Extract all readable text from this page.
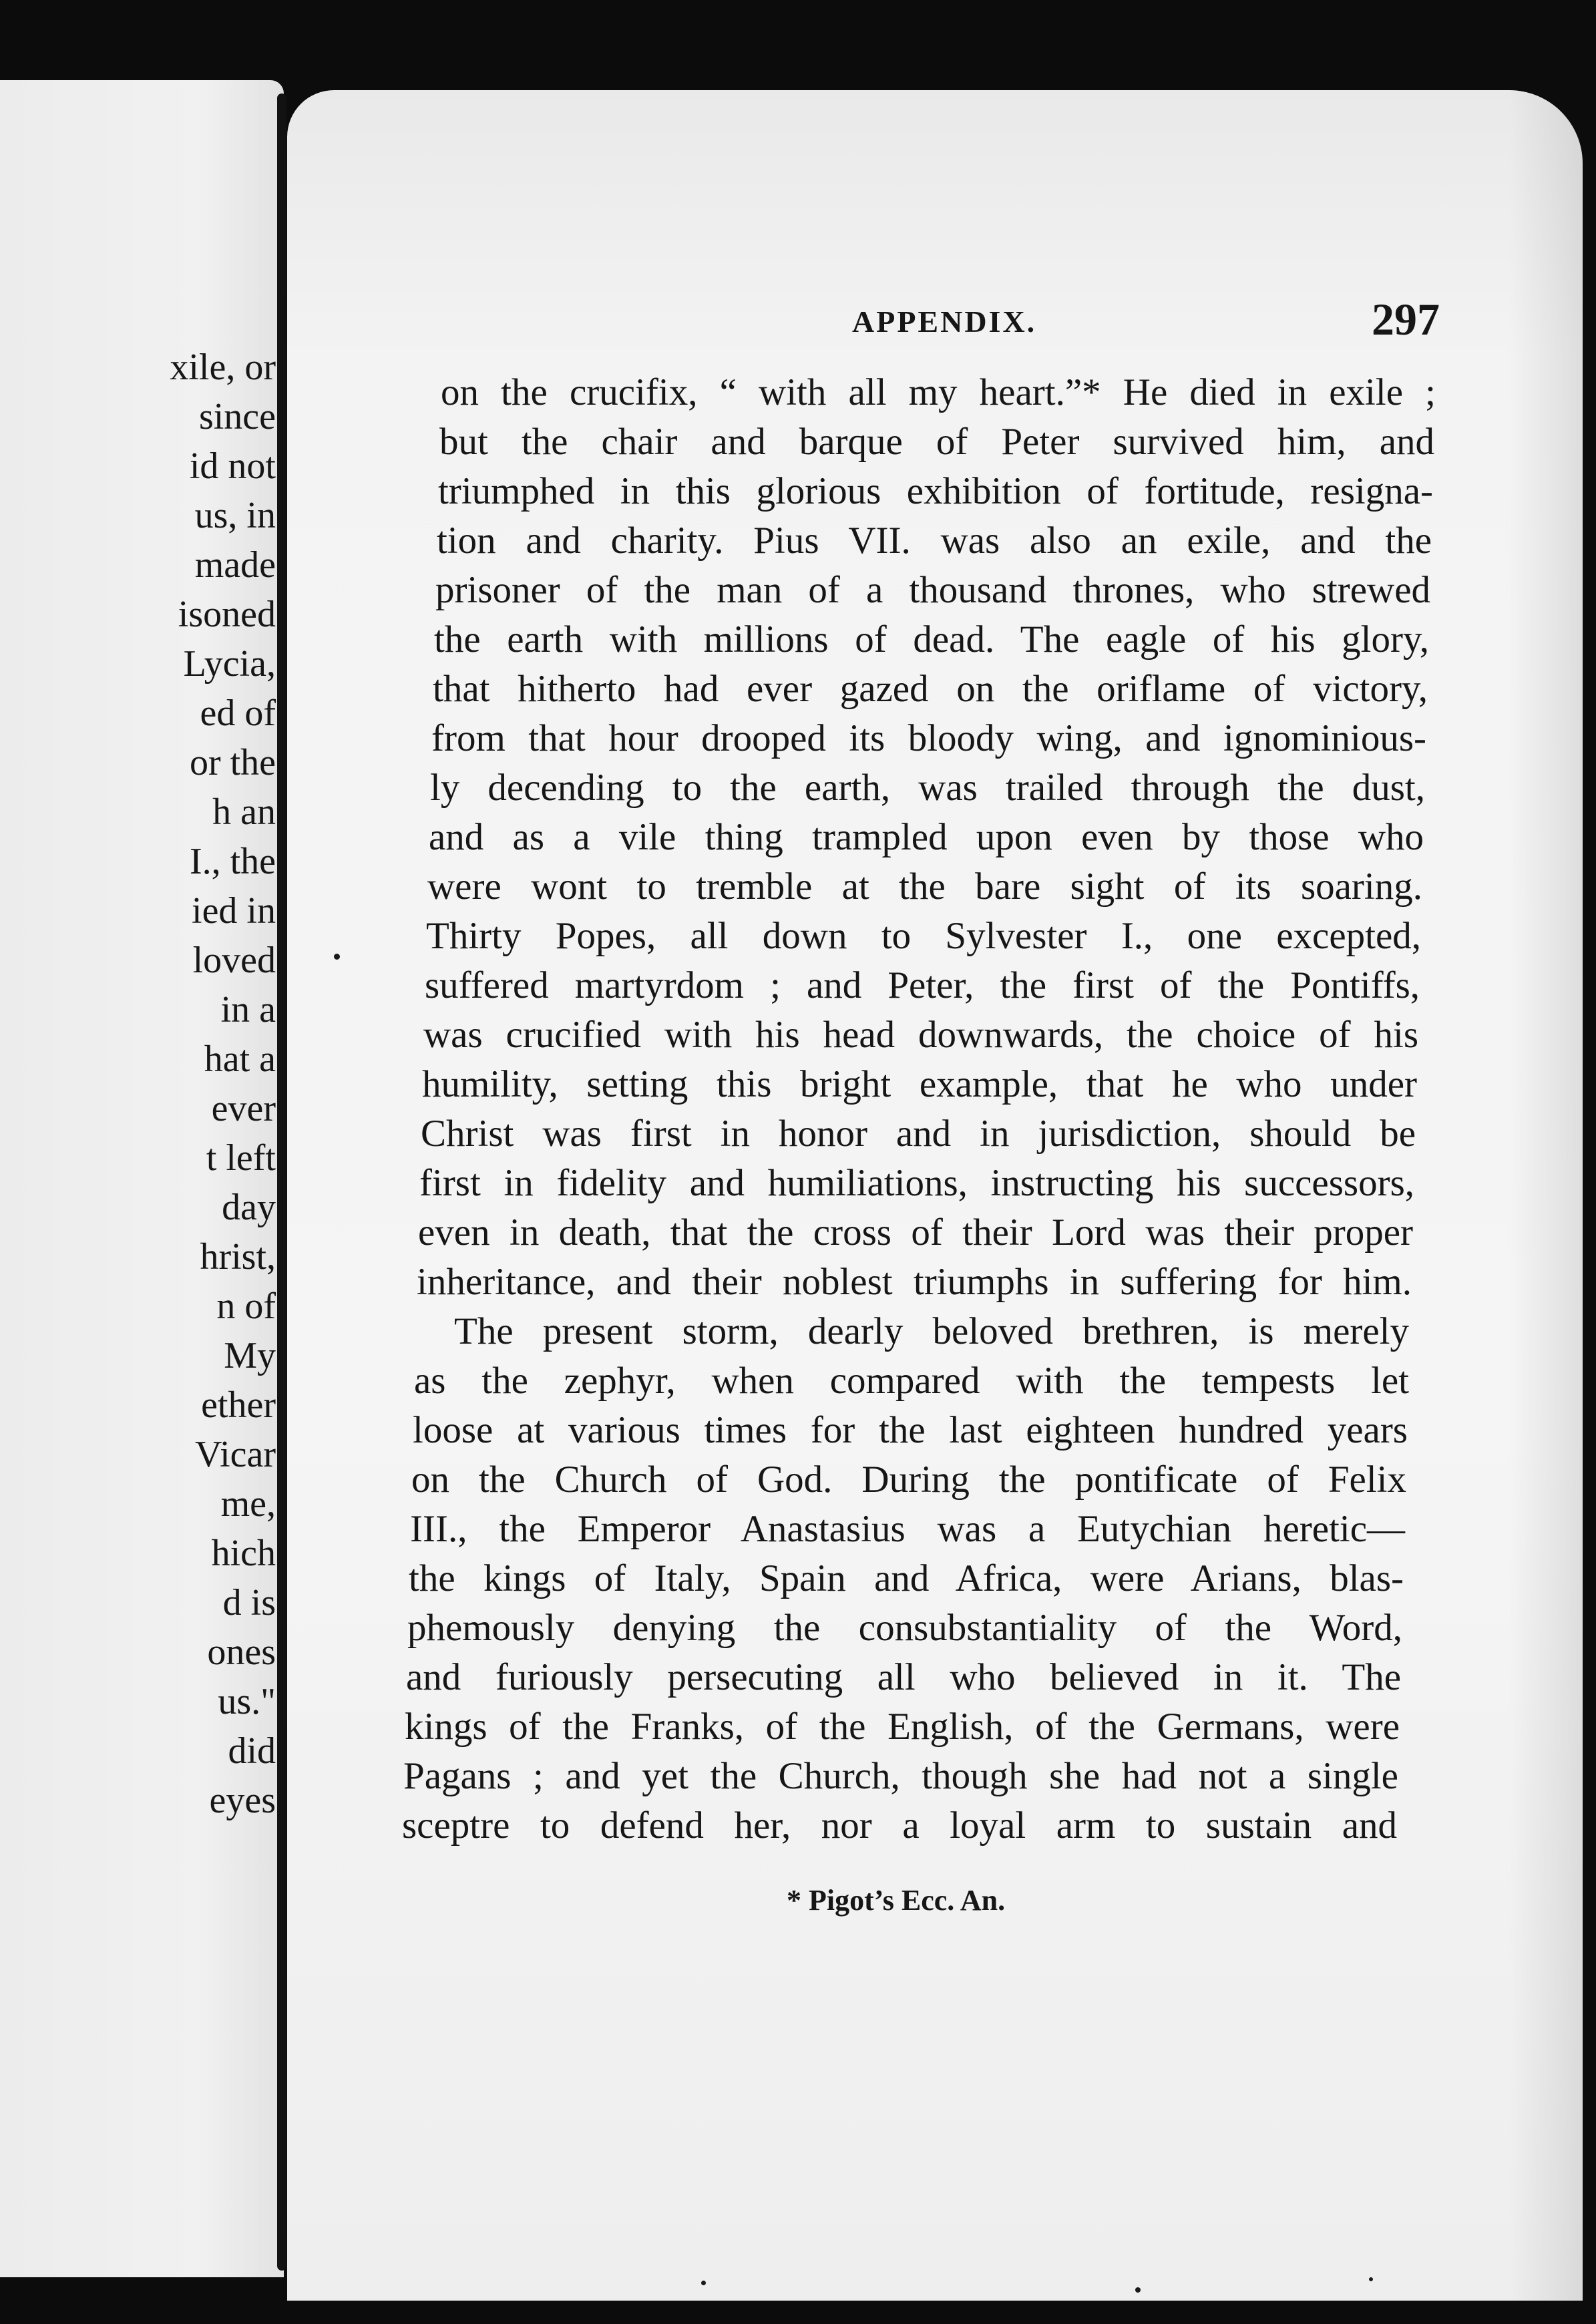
xile, or
since
id not
us, in
made
isoned
Lycia,
ed of
or the
h an
I., the
ied in
loved
in a
hat a
ever
t left
day
hrist,
n of
My
ether
Vicar
me,
hich
d is
ones
us."
did
eyes
APPENDIX.	297
on the crucifix, “ with all my heart.”* He died in exile ;
but the chair and barque of Peter survived him, and
triumphed in this glorious exhibition of fortitude, resigna-
tion and charity. Pius VII. was also an exile, and the
prisoner of the man of a thousand thrones, who strewed
the earth with millions of dead. The eagle of his glory,
that hitherto had ever gazed on the oriflame of victory,
from that hour drooped its bloody wing, and ignominious-
ly decending to the earth, was trailed through the dust,
and as a vile thing trampled upon even by those who
were wont to tremble at the bare sight of its soaring.
Thirty Popes, all down to Sylvester I., one excepted,
suffered martyrdom ; and Peter, the first of the Pontiffs,
was crucified with his head downwards, the choice of his
humility, setting this bright example, that he who under
Christ was first in honor and in jurisdiction, should be
first in fidelity and humiliations, instructing his successors,
even in death, that the cross of their Lord was their proper
inheritance, and their noblest triumphs in suffering for him.
The present storm, dearly beloved brethren, is merely
as the zephyr, when compared with the tempests let
loose at various times for the last eighteen hundred years
on the Church of God. During the pontificate of Felix
III., the Emperor Anastasius was a Eutychian heretic—
the kings of Italy, Spain and Africa, were Arians, blas-
phemously denying the consubstantiality of the Word,
and furiously persecuting all who believed in it. The
kings of the Franks, of the English, of the Germans, were
Pagans ; and yet the Church, though she had not a single
sceptre to defend her, nor a loyal arm to sustain and
* Pigot’s Ecc. An.
